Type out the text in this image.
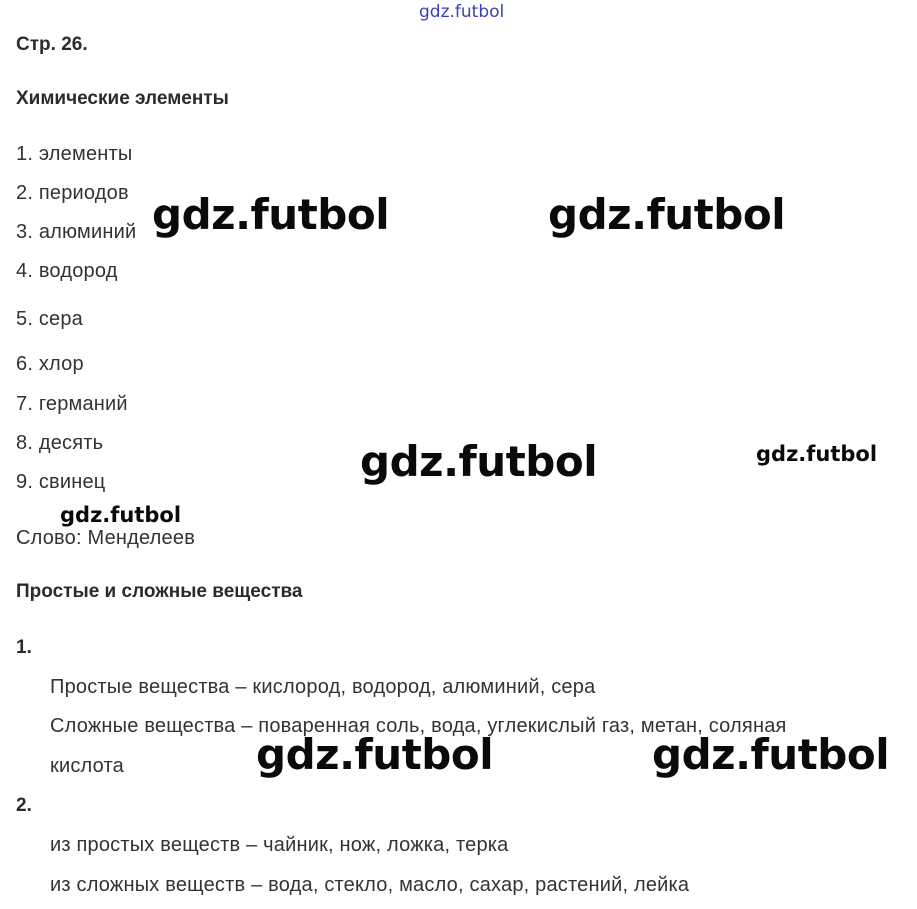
gdz.futbol
Стр. 26.
Химические элементы
1. элементы
2. периодов
3. алюминий
4. водород
5. сера
6. хлор
7. германий
8. десять
9. свинец
Слово: Менделеев
Простые и сложные вещества
1.
Простые вещества – кислород, водород, алюминий, сера
Сложные вещества – поваренная соль, вода, углекислый газ, метан, соляная
кислота
2.
из простых веществ – чайник, нож, ложка, терка
из сложных веществ – вода, стекло, масло, сахар, растений, лейка
gdz.futbol	gdz.futbol
gdz.futbol	gdz.futbol
gdz.futbol
gdz.futbol	gdz.futbol
